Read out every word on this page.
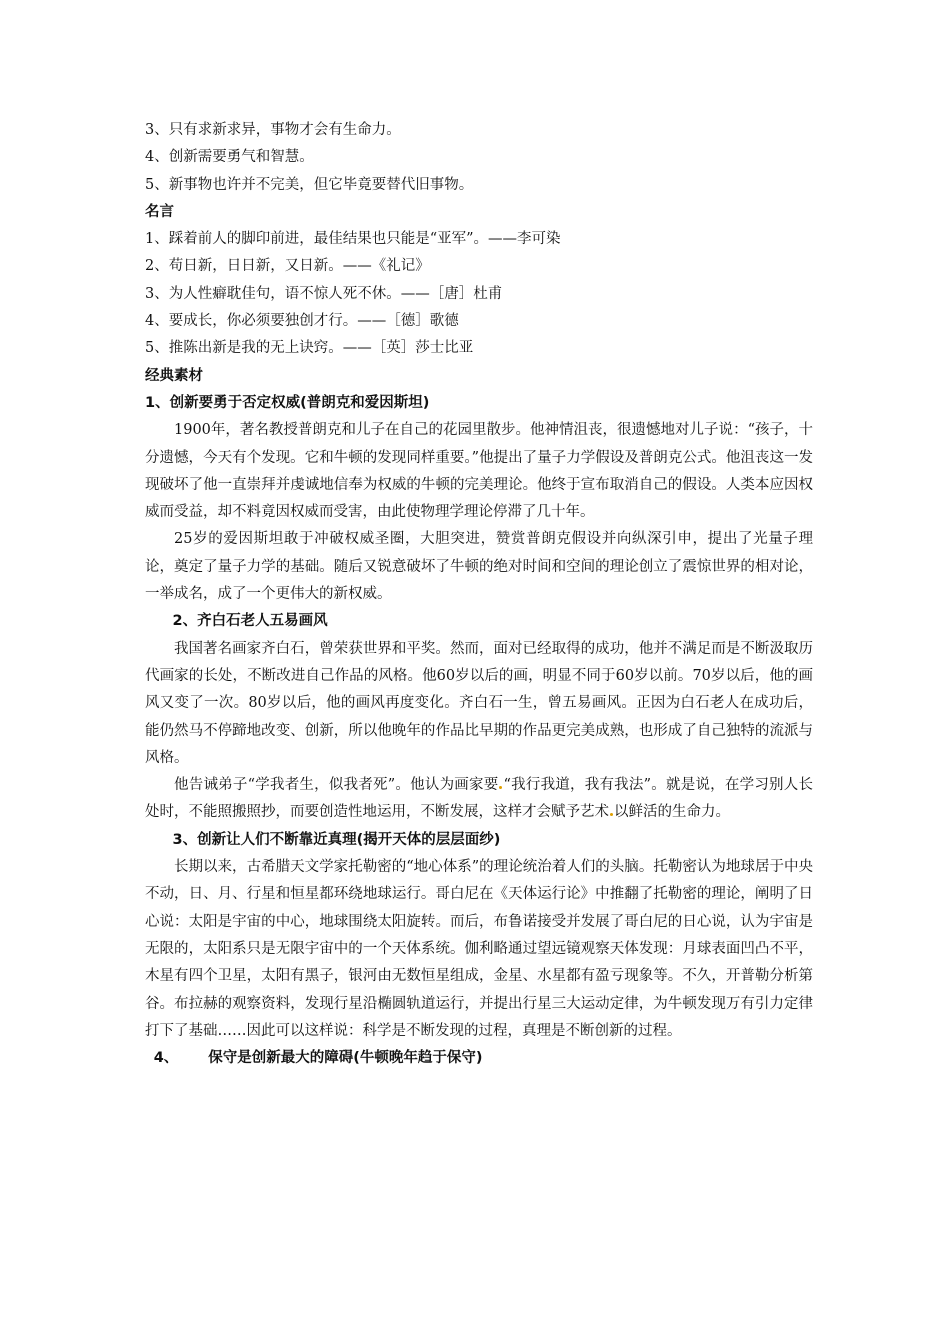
3、只有求新求异，事物才会有生命力。
4、创新需要勇气和智慧。
5、新事物也许并不完美，但它毕竟要替代旧事物。
名言
1、踩着前人的脚印前进，最佳结果也只能是“亚军”。——李可染
2、苟日新，日日新，又日新。——《礼记》
3、为人性癖耽佳句，语不惊人死不休。——［唐］杜甫
4、要成长，你必须要独创才行。——［德］歌德
5、推陈出新是我的无上诀窍。——［英］莎士比亚
经典素材
1、创新要勇于否定权威(普朗克和爱因斯坦)
1900年，著名教授普朗克和儿子在自己的花园里散步。他神情沮丧，很遗憾地对儿子说：“孩子，十分遗憾，今天有个发现。它和牛顿的发现同样重要。”他提出了量子力学假设及普朗克公式。他沮丧这一发现破坏了他一直崇拜并虔诚地信奉为权威的牛顿的完美理论。他终于宣布取消自己的假设。人类本应因权威而受益，却不料竟因权威而受害，由此使物理学理论停滞了几十年。
25岁的爱因斯坦敢于冲破权威圣圈，大胆突进，赞赏普朗克假设并向纵深引申，提出了光量子理论，奠定了量子力学的基础。随后又锐意破坏了牛顿的绝对时间和空间的理论创立了震惊世界的相对论，一举成名，成了一个更伟大的新权威。
2、齐白石老人五易画风
我国著名画家齐白石，曾荣获世界和平奖。然而，面对已经取得的成功，他并不满足而是不断汲取历代画家的长处，不断改进自己作品的风格。他60岁以后的画，明显不同于60岁以前。70岁以后，他的画风又变了一次。80岁以后，他的画风再度变化。齐白石一生，曾五易画风。正因为白石老人在成功后，能仍然马不停蹄地改变、创新，所以他晚年的作品比早期的作品更完美成熟，也形成了自己独特的流派与风格。
他告诫弟子“学我者生，似我者死”。他认为画家要 “我行我道，我有我法”。就是说，在学习别人长处时，不能照搬照抄，而要创造性地运用，不断发展，这样才会赋予艺术 以鲜活的生命力。
3、创新让人们不断靠近真理(揭开天体的层层面纱)
长期以来，古希腊天文学家托勒密的“地心体系”的理论统治着人们的头脑。托勒密认为地球居于中央不动，日、月、行星和恒星都环绕地球运行。哥白尼在《天体运行论》中推翻了托勒密的理论，阐明了日心说：太阳是宇宙的中心，地球围绕太阳旋转。而后，布鲁诺接受并发展了哥白尼的日心说，认为宇宙是无限的，太阳系只是无限宇宙中的一个天体系统。伽利略通过望远镜观察天体发现：月球表面凹凸不平，木星有四个卫星，太阳有黑子，银河由无数恒星组成，金星、水星都有盈亏现象等。不久，开普勒分析第谷。布拉赫的观察资料，发现行星沿椭圆轨道运行，并提出行星三大运动定律，为牛顿发现万有引力定律打下了基础……因此可以这样说：科学是不断发现的过程，真理是不断创新的过程。
4、 保守是创新最大的障碍(牛顿晚年趋于保守)
